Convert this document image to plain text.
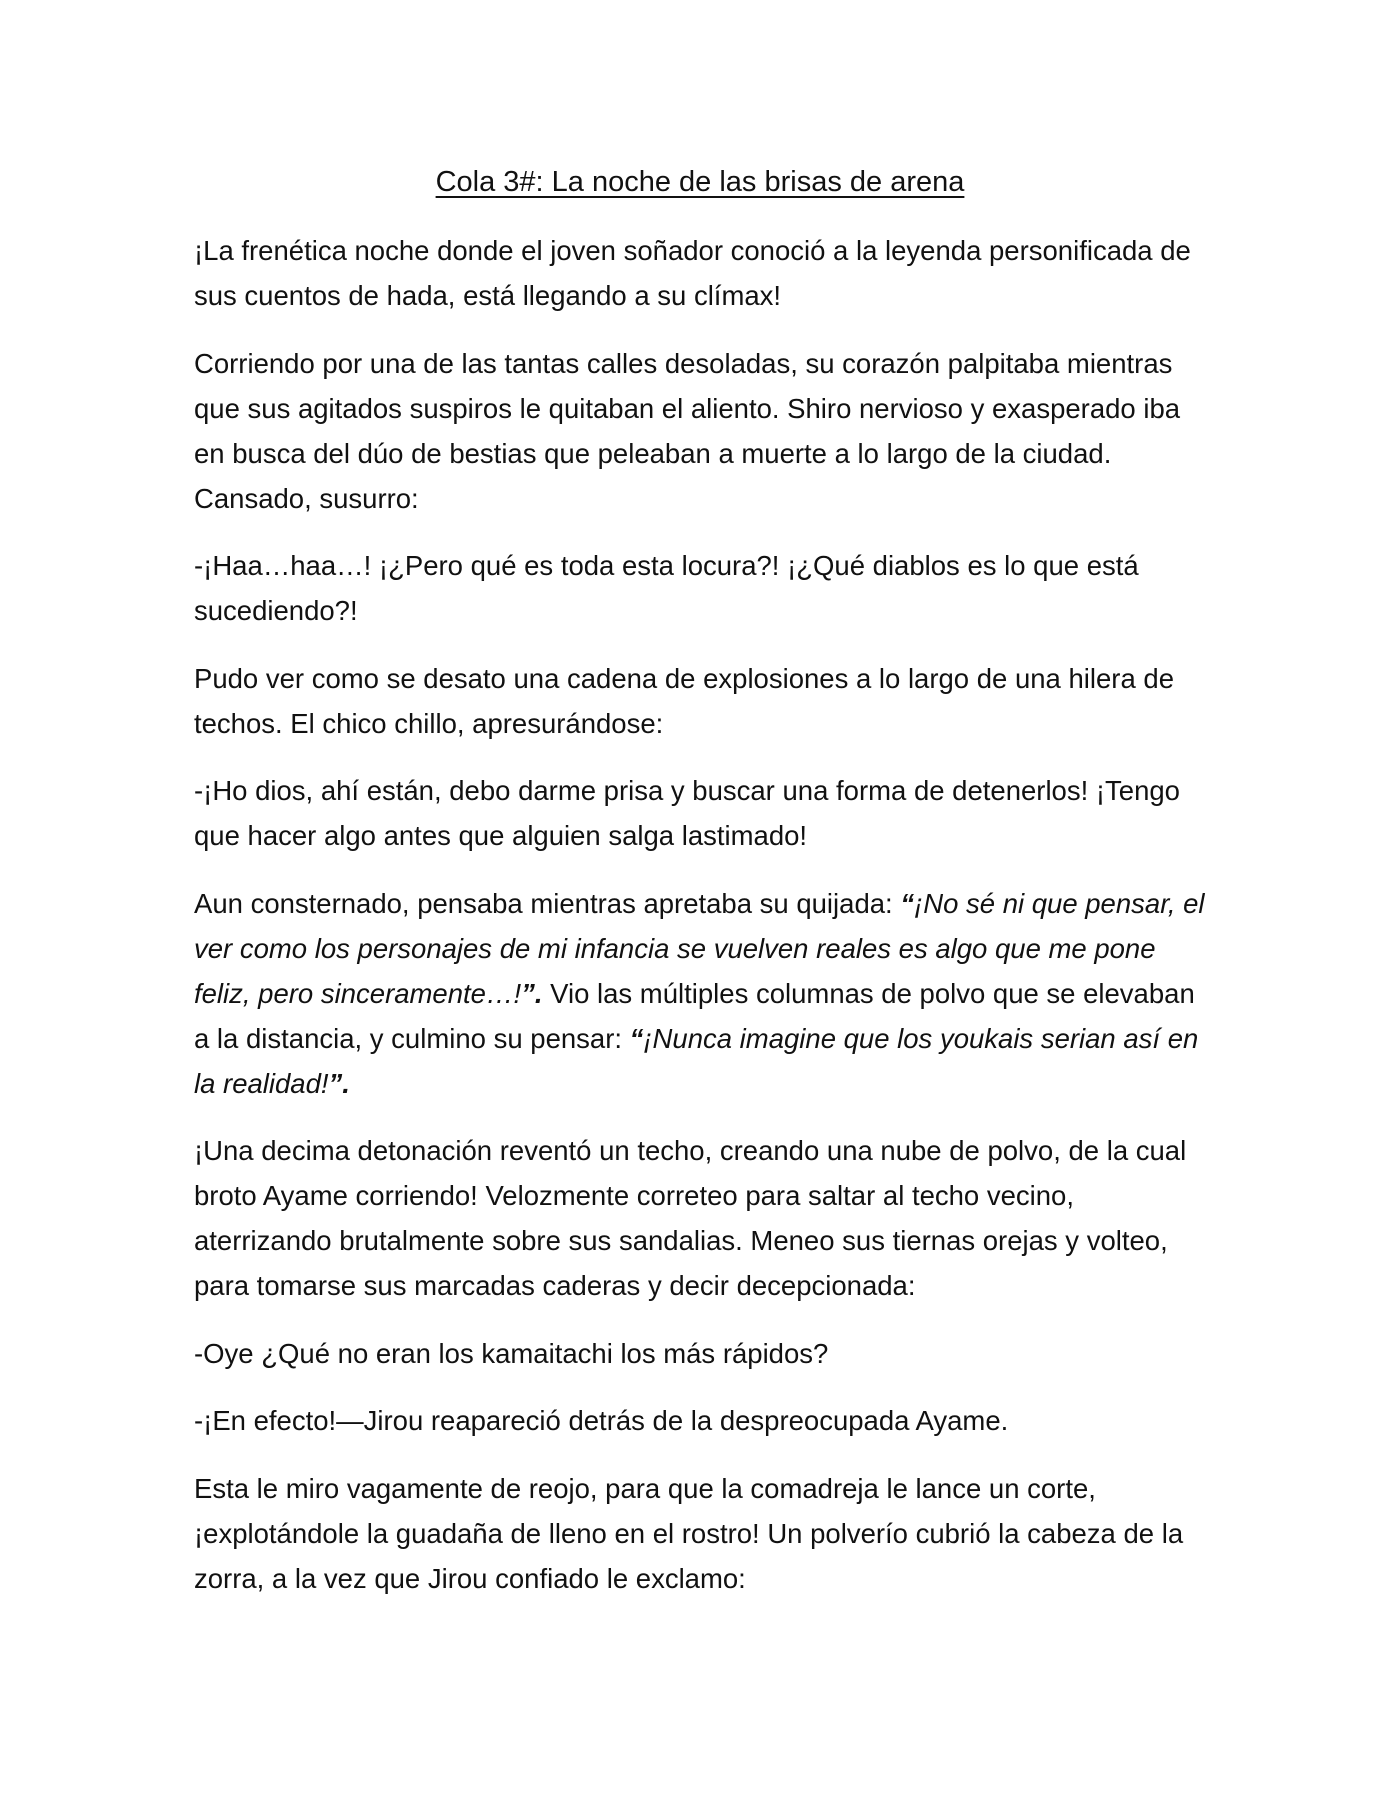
Cola 3#: La noche de las brisas de arena

¡La frenética noche donde el joven soñador conoció a la leyenda personificada de sus cuentos de hada, está llegando a su clímax!

Corriendo por una de las tantas calles desoladas, su corazón palpitaba mientras que sus agitados suspiros le quitaban el aliento. Shiro nervioso y exasperado iba en busca del dúo de bestias que peleaban a muerte a lo largo de la ciudad. Cansado, susurro:

-¡Haa…haa…! ¡¿Pero qué es toda esta locura?! ¡¿Qué diablos es lo que está sucediendo?!

Pudo ver como se desato una cadena de explosiones a lo largo de una hilera de techos. El chico chillo, apresurándose:

-¡Ho dios, ahí están, debo darme prisa y buscar una forma de detenerlos! ¡Tengo que hacer algo antes que alguien salga lastimado!

Aun consternado, pensaba mientras apretaba su quijada: “¡No sé ni que pensar, el ver como los personajes de mi infancia se vuelven reales es algo que me pone feliz, pero sinceramente…!”. Vio las múltiples columnas de polvo que se elevaban a la distancia, y culmino su pensar: “¡Nunca imagine que los youkais serian así en la realidad!”.

¡Una decima detonación reventó un techo, creando una nube de polvo, de la cual broto Ayame corriendo! Velozmente correteo para saltar al techo vecino, aterrizando brutalmente sobre sus sandalias. Meneo sus tiernas orejas y volteo, para tomarse sus marcadas caderas y decir decepcionada:

-Oye ¿Qué no eran los kamaitachi los más rápidos?

-¡En efecto!—Jirou reapareció detrás de la despreocupada Ayame.

Esta le miro vagamente de reojo, para que la comadreja le lance un corte, ¡explotándole la guadaña de lleno en el rostro! Un polverío cubrió la cabeza de la zorra, a la vez que Jirou confiado le exclamo:
